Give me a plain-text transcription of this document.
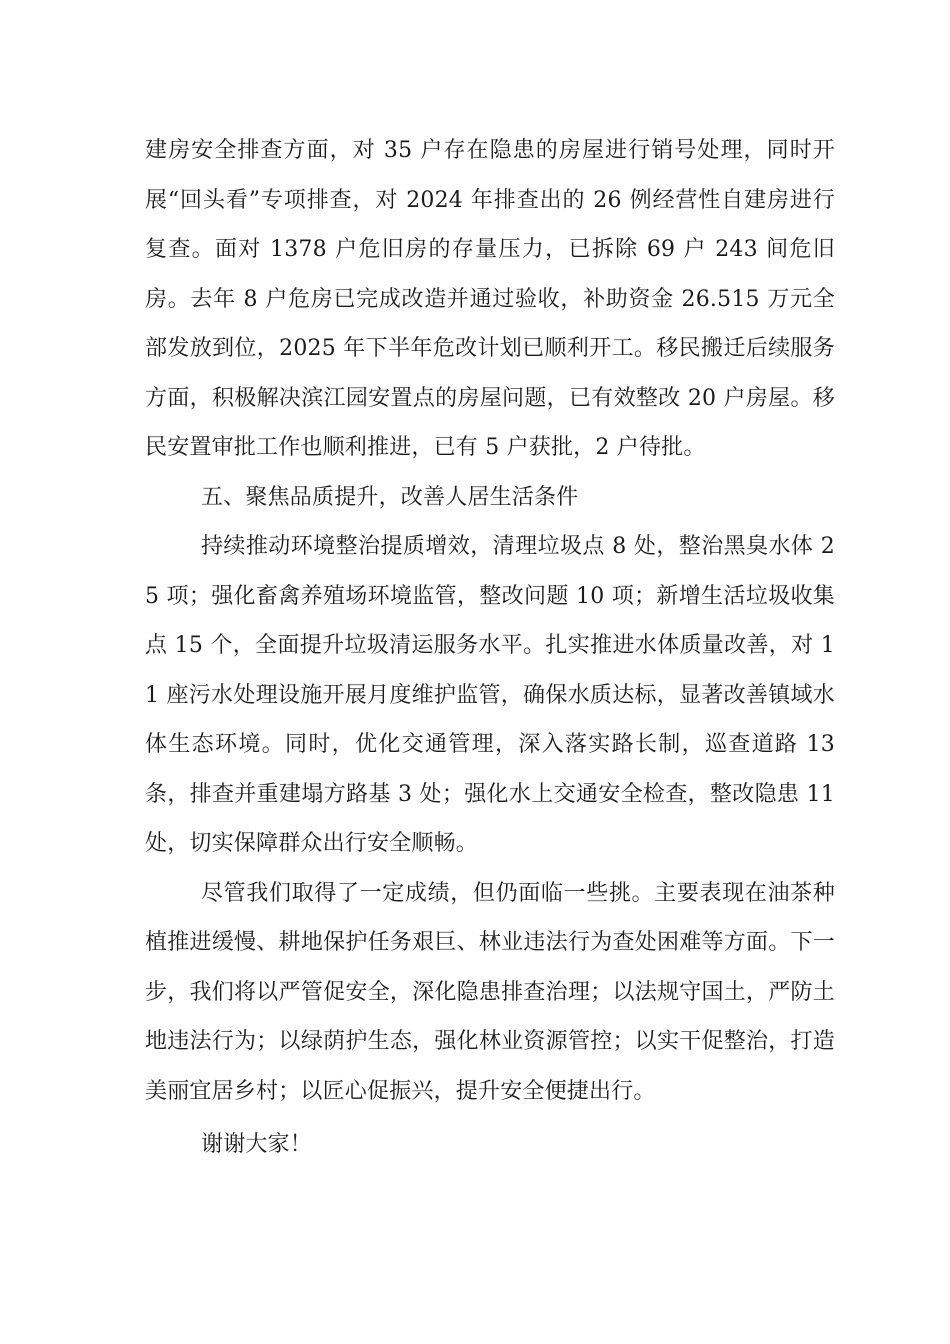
建房安全排查方面，对 35 户存在隐患的房屋进行销号处理，同时开展“回头看”专项排查，对 2024 年排查出的 26 例经营性自建房进行复查。面对 1378 户危旧房的存量压力，已拆除 69 户 243 间危旧房。去年 8 户危房已完成改造并通过验收，补助资金 26.515 万元全部发放到位，2025 年下半年危改计划已顺利开工。移民搬迁后续服务方面，积极解决滨江园安置点的房屋问题，已有效整改 20 户房屋。移民安置审批工作也顺利推进，已有 5 户获批，2 户待批。

五、聚焦品质提升，改善人居生活条件

持续推动环境整治提质增效，清理垃圾点 8 处，整治黑臭水体 25 项；强化畜禽养殖场环境监管，整改问题 10 项；新增生活垃圾收集点 15 个，全面提升垃圾清运服务水平。扎实推进水体质量改善，对 11 座污水处理设施开展月度维护监管，确保水质达标，显著改善镇域水体生态环境。同时，优化交通管理，深入落实路长制，巡查道路 13 条，排查并重建塌方路基 3 处；强化水上交通安全检查，整改隐患 11 处，切实保障群众出行安全顺畅。

尽管我们取得了一定成绩，但仍面临一些挑。主要表现在油茶种植推进缓慢、耕地保护任务艰巨、林业违法行为查处困难等方面。下一步，我们将以严管促安全，深化隐患排查治理；以法规守国土，严防土地违法行为；以绿荫护生态，强化林业资源管控；以实干促整治，打造美丽宜居乡村；以匠心促振兴，提升安全便捷出行。

谢谢大家！
